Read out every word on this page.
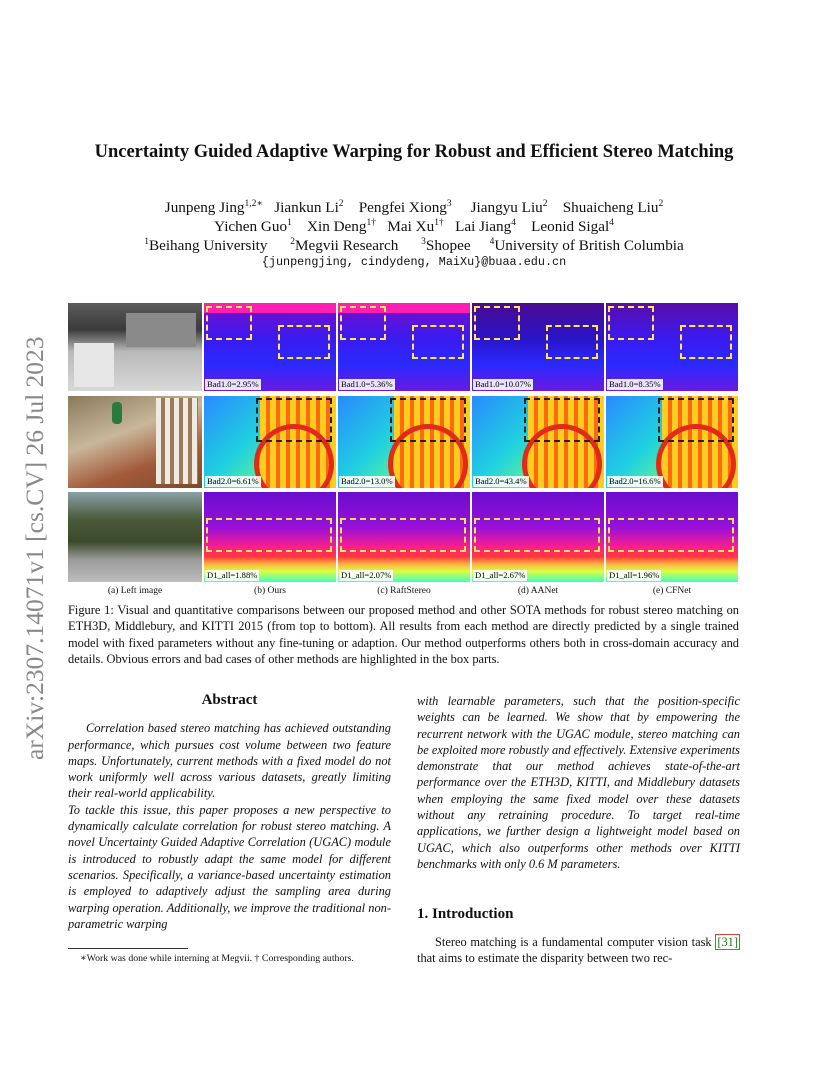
arXiv:2307.14071v1 [cs.CV] 26 Jul 2023
Uncertainty Guided Adaptive Warping for Robust and Efficient Stereo Matching
Junpeng Jing$^{1,2∗}$ Jiankun Li$^2$ Pengfei Xiong$^3$ Jiangyu Liu$^2$ Shuaicheng Liu$^2$
Yichen Guo$^1$ Xin Deng$^{1\dagger}$ Mai $Xu^{1\dagger}$ Lai Jiang$^4$ Leonid Sigal$^4$
$^1$Beihang University $^2$Megvii Research $^3$Shopee $^4$University of British Columbia
{junpengjing, cindydeng, MaiXu}@buaa.edu.cn
Bad1.0=2.95%	Bad1.0=5.36%	Bad1.0=10.07%	Bad1.0=8.35%
Bad2.0=6.61%	Bad2.0=13.0%	Bad2.0=43.4%	Bad2.0=16.6%
D1_all=1.88%	D1_all=2.07%	D1_all=2.67%	D1_all=1.96%
(a) Left image	(b) Ours	(c) RaftStereo	(d) AANet	(e) CFNet
Figure 1: Visual and quantitative comparisons between our proposed method and other SOTA methods for robust stereo matching on ETH3D, Middlebury, and KITTI 2015 (from top to bottom). All results from each method are directly predicted by a single trained model with fixed parameters without any fine-tuning or adaption. Our method outperforms others both in cross-domain accuracy and details. Obvious errors and bad cases of other methods are highlighted in the box parts.
Abstract
Correlation based stereo matching has achieved outstanding performance, which pursues cost volume between two feature maps. Unfortunately, current methods with a fixed model do not work uniformly well across various datasets, greatly limiting their real-world applicability.
To tackle this issue, this paper proposes a new perspective to dynamically calculate correlation for robust stereo matching. A novel Uncertainty Guided Adaptive Correlation (UGAC) module is introduced to robustly adapt the same model for different scenarios. Specifically, a variance-based uncertainty estimation is employed to adaptively adjust the sampling area during warping operation. Additionally, we improve the traditional non-parametric warping
∗Work was done while interning at Megvii. † Corresponding authors.
with learnable parameters, such that the position-specific weights can be learned. We show that by empowering the recurrent network with the UGAC module, stereo matching can be exploited more robustly and effectively. Extensive experiments demonstrate that our method achieves state-of-the-art performance over the ETH3D, KITTI, and Middlebury datasets when employing the same fixed model over these datasets without any retraining procedure. To target real-time applications, we further design a lightweight model based on UGAC, which also outperforms other methods over KITTI benchmarks with only 0.6 M parameters.
1. Introduction
Stereo matching is a fundamental computer vision task [31] that aims to estimate the disparity between two rec-
